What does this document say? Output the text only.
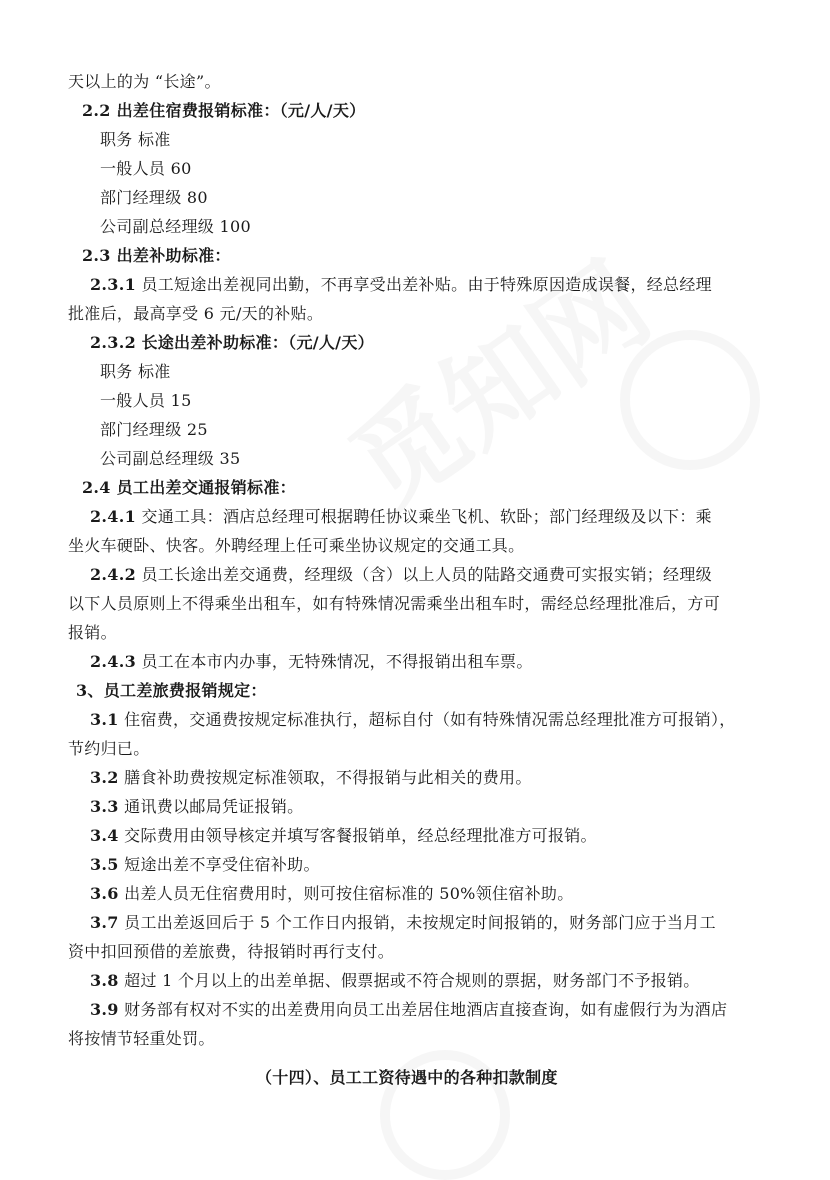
天以上的为 “长途”。
2.2 出差住宿费报销标准：（元/人/天）
职务 标准
一般人员 60
部门经理级 80
公司副总经理级 100
2.3 出差补助标准：
2.3.1 员工短途出差视同出勤，不再享受出差补贴。由于特殊原因造成误餐，经总经理
批准后，最高享受 6 元/天的补贴。
2.3.2 长途出差补助标准：（元/人/天）
职务 标准
一般人员 15
部门经理级 25
公司副总经理级 35
2.4 员工出差交通报销标准：
2.4.1 交通工具：酒店总经理可根据聘任协议乘坐飞机、软卧；部门经理级及以下：乘
坐火车硬卧、快客。外聘经理上任可乘坐协议规定的交通工具。
2.4.2 员工长途出差交通费，经理级（含）以上人员的陆路交通费可实报实销；经理级
以下人员原则上不得乘坐出租车，如有特殊情况需乘坐出租车时，需经总经理批准后，方可
报销。
2.4.3 员工在本市内办事，无特殊情况，不得报销出租车票。
3、员工差旅费报销规定：
3.1 住宿费，交通费按规定标准执行，超标自付（如有特殊情况需总经理批准方可报销），
节约归已。
3.2 膳食补助费按规定标准领取，不得报销与此相关的费用。
3.3 通讯费以邮局凭证报销。
3.4 交际费用由领导核定并填写客餐报销单，经总经理批准方可报销。
3.5 短途出差不享受住宿补助。
3.6 出差人员无住宿费用时，则可按住宿标准的 50%领住宿补助。
3.7 员工出差返回后于 5 个工作日内报销，未按规定时间报销的，财务部门应于当月工
资中扣回预借的差旅费，待报销时再行支付。
3.8 超过 1 个月以上的出差单据、假票据或不符合规则的票据，财务部门不予报销。
3.9 财务部有权对不实的出差费用向员工出差居住地酒店直接查询，如有虚假行为为酒店
将按情节轻重处罚。
（十四）、员工工资待遇中的各种扣款制度
